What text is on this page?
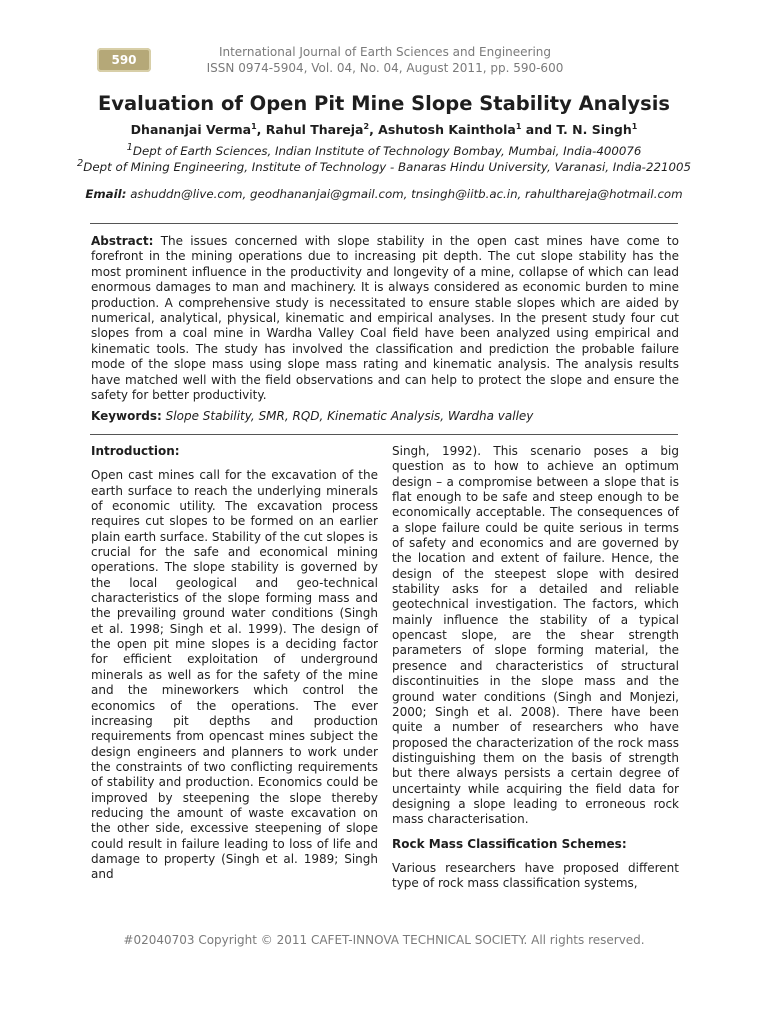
590
International Journal of Earth Sciences and Engineering
ISSN 0974-5904, Vol. 04, No. 04, August 2011, pp. 590-600
Evaluation of Open Pit Mine Slope Stability Analysis
Dhananjai Verma$^1$, Rahul Thareja$^2$, Ashutosh Kainthola$^1$ and T. N. Singh$^1$
$^1$Dept of Earth Sciences, Indian Institute of Technology Bombay, Mumbai, India-400076
$^2$Dept of Mining Engineering, Institute of Technology - Banaras Hindu University, Varanasi, India-221005
Email: ashuddn@live.com, geodhananjai@gmail.com, tnsingh@iitb.ac.in, rahulthareja@hotmail.com

Abstract: The issues concerned with slope stability in the open cast mines have come to forefront in the mining operations due to increasing pit depth. The cut slope stability has the most prominent influence in the productivity and longevity of a mine, collapse of which can lead enormous damages to man and machinery. It is always considered as economic burden to mine production. A comprehensive study is necessitated to ensure stable slopes which are aided by numerical, analytical, physical, kinematic and empirical analyses. In the present study four cut slopes from a coal mine in Wardha Valley Coal field have been analyzed using empirical and kinematic tools. The study has involved the classification and prediction the probable failure mode of the slope mass using slope mass rating and kinematic analysis. The analysis results have matched well with the field observations and can help to protect the slope and ensure the safety for better productivity.

Keywords: Slope Stability, SMR, RQD, Kinematic Analysis, Wardha valley

Introduction:

Open cast mines call for the excavation of the earth surface to reach the underlying minerals of economic utility. The excavation process requires cut slopes to be formed on an earlier plain earth surface. Stability of the cut slopes is crucial for the safe and economical mining operations. The slope stability is governed by the local geological and geo-technical characteristics of the slope forming mass and the prevailing ground water conditions (Singh et al. 1998; Singh et al. 1999). The design of the open pit mine slopes is a deciding factor for efficient exploitation of underground minerals as well as for the safety of the mine and the mineworkers which control the economics of the operations. The ever increasing pit depths and production requirements from opencast mines subject the design engineers and planners to work under the constraints of two conflicting requirements of stability and production. Economics could be improved by steepening the slope thereby reducing the amount of waste excavation on the other side, excessive steepening of slope could result in failure leading to loss of life and damage to property (Singh et al. 1989; Singh and

Singh, 1992). This scenario poses a big question as to how to achieve an optimum design – a compromise between a slope that is flat enough to be safe and steep enough to be economically acceptable. The consequences of a slope failure could be quite serious in terms of safety and economics and are governed by the location and extent of failure. Hence, the design of the steepest slope with desired stability asks for a detailed and reliable geotechnical investigation. The factors, which mainly influence the stability of a typical opencast slope, are the shear strength parameters of slope forming material, the presence and characteristics of structural discontinuities in the slope mass and the ground water conditions (Singh and Monjezi, 2000; Singh et al. 2008). There have been quite a number of researchers who have proposed the characterization of the rock mass distinguishing them on the basis of strength but there always persists a certain degree of uncertainty while acquiring the field data for designing a slope leading to erroneous rock mass characterisation.

Rock Mass Classification Schemes:

Various researchers have proposed different type of rock mass classification systems,

#02040703 Copyright © 2011 CAFET-INNOVA TECHNICAL SOCIETY. All rights reserved.
